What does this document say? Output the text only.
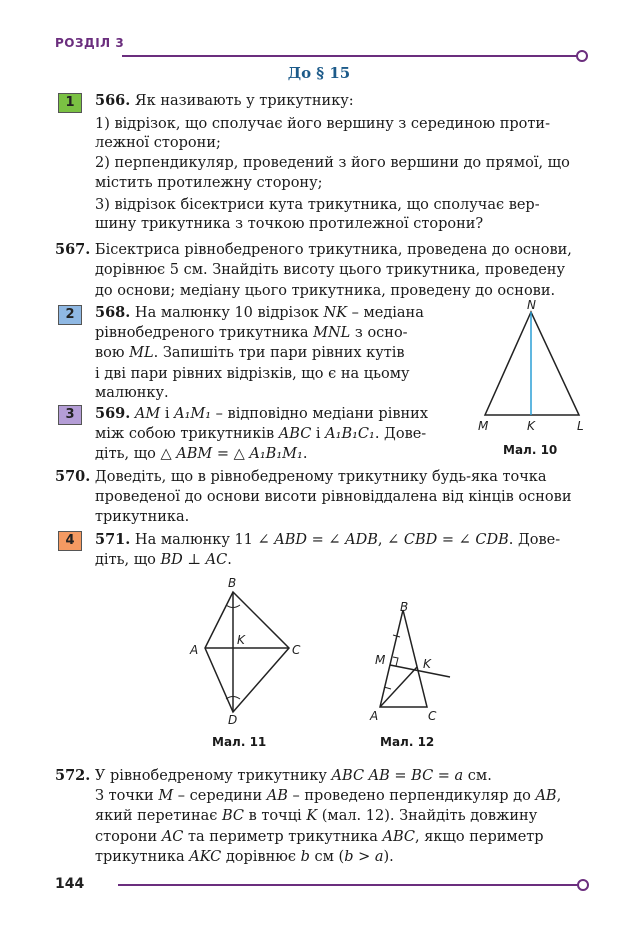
РОЗДІЛ 3
До § 15
1
2
3
4
566. Як називають у трикутнику:
1) відрізок, що сполучає його вершину з серединою проти-
лежної сторони;
2) перпендикуляр, проведений з його вершини до прямої, що
містить протилежну сторону;
3) відрізок бісектриси кута трикутника, що сполучає вер-
шину трикутника з точкою протилежної сторони?
567. Бісектриса рівнобедреного трикутника, проведена до основи,
дорівнює 5 см. Знайдіть висоту цього трикутника, проведену
до основи; медіану цього трикутника, проведену до основи.
568. На малюнку 10 відрізок NK – медіана
рівнобедреного трикутника MNL з осно-
вою ML. Запишіть три пари рівних кутів
і дві пари рівних відрізків, що є на цьому
малюнку.
569. AM і A₁M₁ – відповідно медіани рівних
між собою трикутників ABC і A₁B₁C₁. Дове-
діть, що △ ABM = △ A₁B₁M₁.
N
M	K	L
Мал. 10
570. Доведіть, що в рівнобедреному трикутнику будь-яка точка
проведеної до основи висоти рівновіддалена від кінців основи
трикутника.
571. На малюнку 11 ∠ ABD = ∠ ADB, ∠ CBD = ∠ CDB. Дове-
діть, що BD ⊥ AC.
B
A
K
C
D
Мал. 11
B
M	K
A	C
Мал. 12
572. У рівнобедреному трикутнику ABC AB = BC = a см.
З точки M – середини AB – проведено перпендикуляр до AB,
який перетинає BC в точці K (мал. 12). Знайдіть довжину
сторони AC та периметр трикутника ABC, якщо периметр
трикутника AKC дорівнює b см (b > a).
144
